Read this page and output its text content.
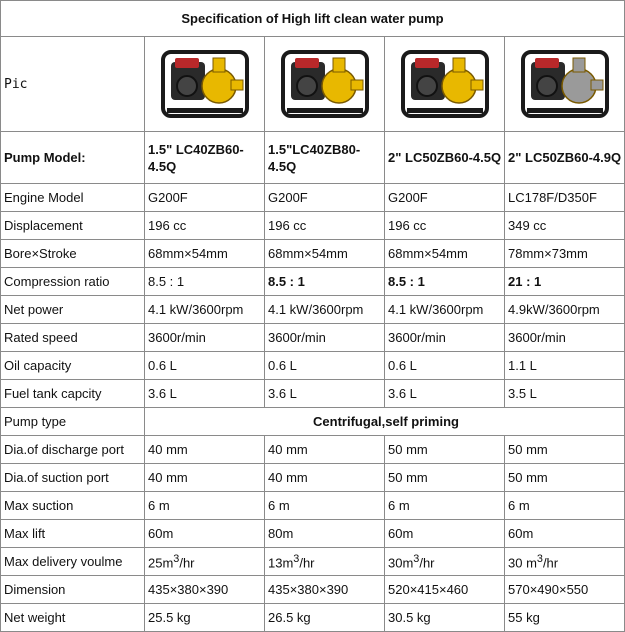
Specification of High lift clean water pump				
Pic	

Pump Model:	1.5" LC40ZB60-4.5Q	1.5"LC40ZB80-4.5Q	2" LC50ZB60-4.5Q	2" LC50ZB60-4.9Q
Engine Model	G200F	G200F	G200F	LC178F/D350F
Displacement	196 cc	196 cc	196 cc	349 cc
Bore×Stroke	68mm×54mm	68mm×54mm	68mm×54mm	78mm×73mm
Compression ratio	8.5 : 1	8.5 : 1	8.5 : 1	21 : 1
Net power	4.1 kW/3600rpm	4.1 kW/3600rpm	4.1 kW/3600rpm	4.9kW/3600rpm
Rated speed	3600r/min	3600r/min	3600r/min	3600r/min
Oil capacity	0.6 L	0.6 L	0.6 L	1.1 L
Fuel tank capcity	3.6 L	3.6 L	3.6 L	3.5 L
Pump type	Centrifugal,self priming			
Dia.of discharge port	40 mm	40 mm	50 mm	50 mm
Dia.of suction port	40 mm	40 mm	50 mm	50 mm
Max suction	6 m	6 m	6 m	6 m
Max lift	60m	80m	60m	60m
Max delivery voulme	$25m^3/hr$	$13m^3/hr$	$30m^3/hr$	30 $m^3/hr$
Dimension	435×380×390	435×380×390	520×415×460	570×490×550
Net weight	25.5 kg	26.5 kg	30.5 kg	55 kg
